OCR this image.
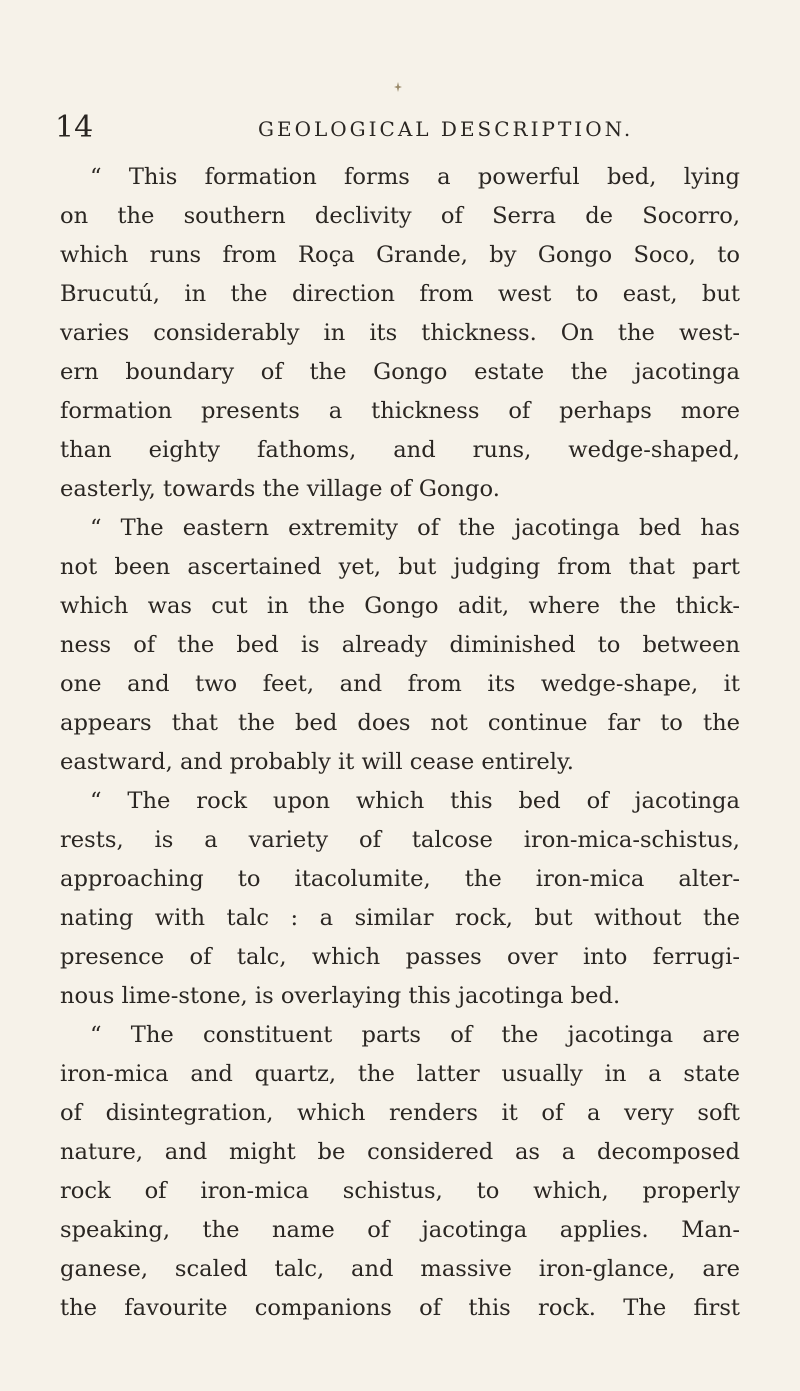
14	GEOLOGICAL DESCRIPTION.
“ This formation forms a powerful bed, lying
on the southern declivity of Serra de Socorro,
which runs from Roça Grande, by Gongo Soco, to
Brucutú, in the direction from west to east, but
varies considerably in its thickness. On the west-
ern boundary of the Gongo estate the jacotinga
formation presents a thickness of perhaps more
than eighty fathoms, and runs, wedge-shaped,
easterly, towards the village of Gongo.
“ The eastern extremity of the jacotinga bed has
not been ascertained yet, but judging from that part
which was cut in the Gongo adit, where the thick-
ness of the bed is already diminished to between
one and two feet, and from its wedge-shape, it
appears that the bed does not continue far to the
eastward, and probably it will cease entirely.
“ The rock upon which this bed of jacotinga
rests, is a variety of talcose iron-mica-schistus,
approaching to itacolumite, the iron-mica alter-
nating with talc : a similar rock, but without the
presence of talc, which passes over into ferrugi-
nous lime-stone, is overlaying this jacotinga bed.
“ The constituent parts of the jacotinga are
iron-mica and quartz, the latter usually in a state
of disintegration, which renders it of a very soft
nature, and might be considered as a decomposed
rock of iron-mica schistus, to which, properly
speaking, the name of jacotinga applies. Man-
ganese, scaled talc, and massive iron-glance, are
the favourite companions of this rock. The first
